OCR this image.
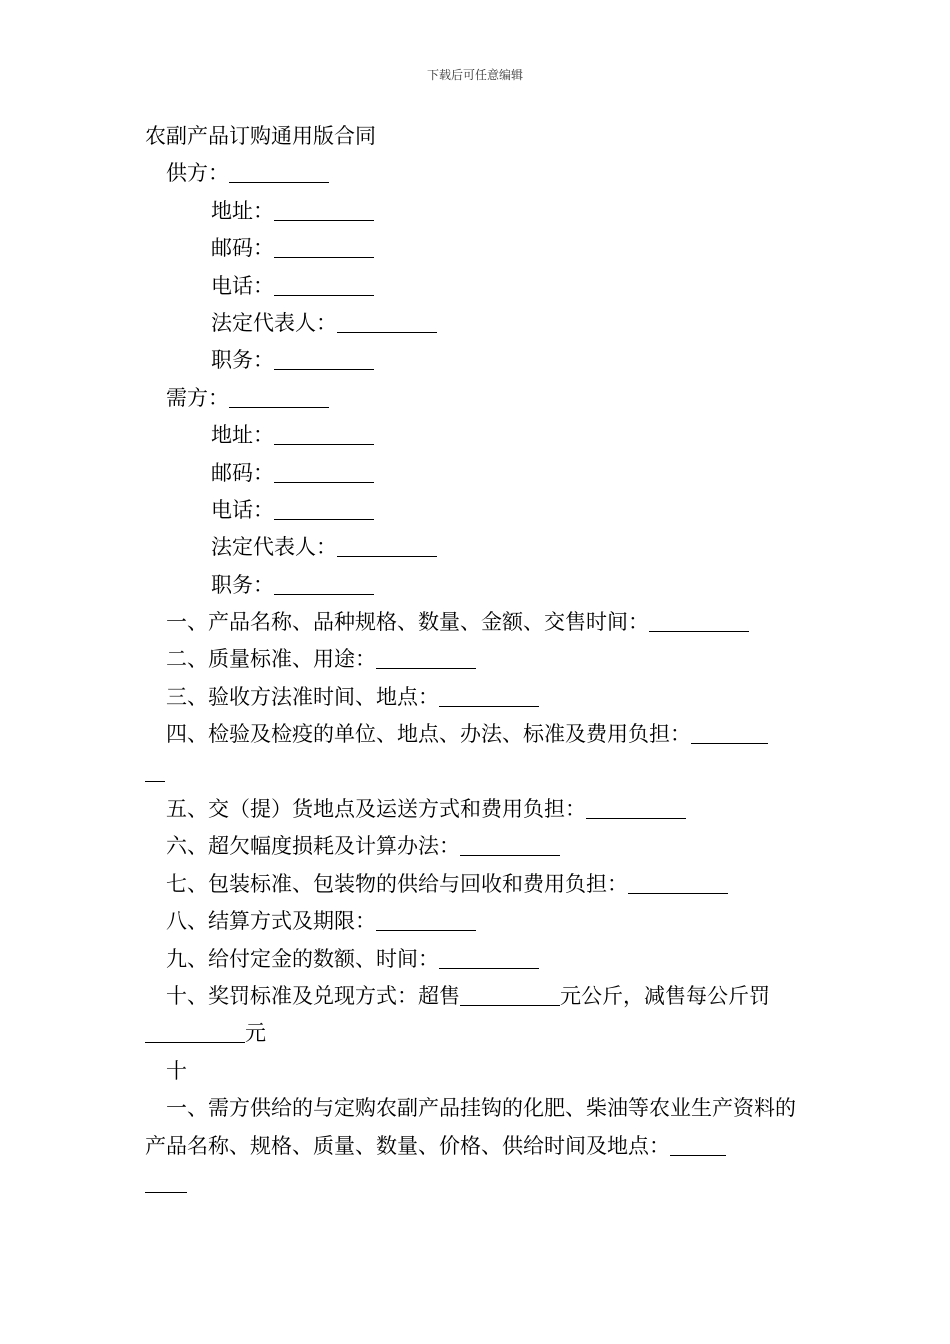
下载后可任意编辑
农副产品订购通用版合同
供方：
地址：
邮码：
电话：
法定代表人：
职务：
需方：
地址：
邮码：
电话：
法定代表人：
职务：
一、产品名称、品种规格、数量、金额、交售时间：
二、质量标准、用途：
三、验收方法准时间、地点：
四、检验及检疫的单位、地点、办法、标准及费用负担：
五、交（提）货地点及运送方式和费用负担：
六、超欠幅度损耗及计算办法：
七、包装标准、包装物的供给与回收和费用负担：
八、结算方式及期限：
九、给付定金的数额、时间：
十、奖罚标准及兑现方式：超售	元公斤，减售每公斤罚
元
十
一、需方供给的与定购农副产品挂钩的化肥、柴油等农业生产资料的产品名称、规格、质量、数量、价格、供给时间及地点：
